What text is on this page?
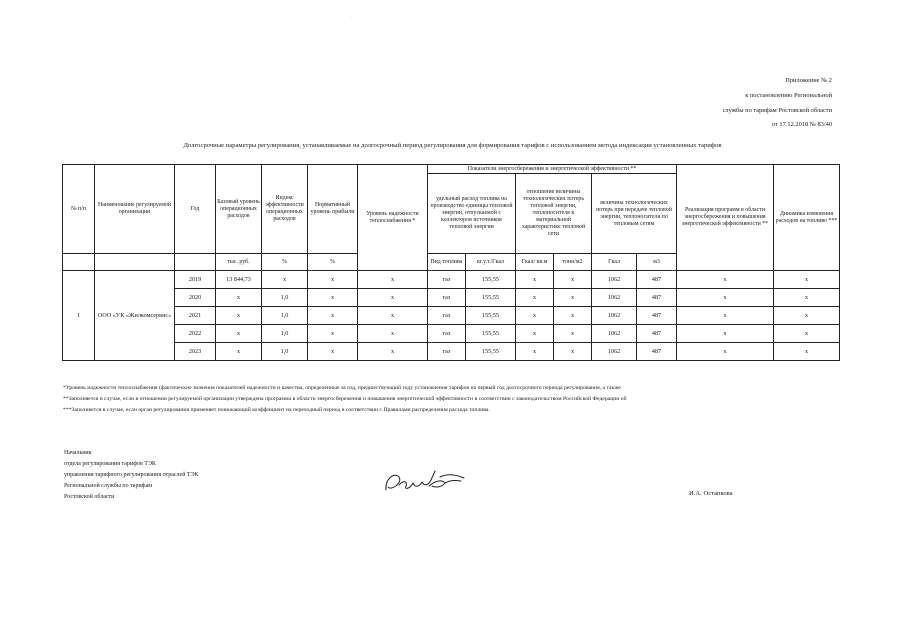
·
Приложение № 2
к постановлению Региональной
службы по тарифам Ростовской области
от 17.12.2018 № 83/40
Долгосрочные параметры регулирования, устанавливаемые на долгосрочный период регулирования для формирования тарифов с использованием метода индексации установленных тарифов
№ п/п	Наименование регулируемой организации	Год	Базовый уровень операционных расходов	Индекс эффективности операционных расходов	Нормативный уровень прибыли	Уровень надежности теплоснабжения *	Показатели энергосбережения и энергетической эффективности **						Реализация программ в области энергосбережения и повышения энергетической эффективности **	Динамика изменения расходов на топливо ***
							удельный расход топлива на производство единицы тепловой энергии, отпускаемой с коллекторов источников тепловой энергии		отношение величины технологических потерь тепловой энергии, теплоносителя к материальной характеристике тепловой сети		величина технологических потерь при передаче тепловой энергии, теплоносителя по тепловым сетям			
			тыс. руб.	%	%		Вид топлива	кг.у.т./Гкал	Гкал/ кв.м	тонн/м2	Гкал	м3		
1	ООО «УК «Жилкомсервис»	2019	13 844,73	х	х	х	газ	155,55	х	х	1062	487	х	х
		2020	х	1,0	х	х	газ	155,55	х	х	1062	487	х	х
		2021	х	1,0	х	х	газ	155,55	х	х	1062	487	х	х
		2022	х	1,0	х	х	газ	155,55	х	х	1062	487	х	х
		2023	х	1,0	х	х	газ	155,55	х	х	1062	487	х	х
*Уровень надежности теплоснабжения (фактические значения показателей надежности и качества, определенные за год, предшествующий году установления тарифов на первый год долгосрочного периода регулирования, а также
**Заполняется в случае, если в отношении регулируемой организации утверждена программа в области энергосбережения и повышения энергетической эффективности в соответствии с законодательством Российской Федерации об
***Заполняется в случае, если орган регулирования применяет понижающий коэффициент на переходный период в соответствии с Правилами распределения расхода топлива.
Начальник
отдела регулирования тарифов ТЭК
управления тарифного регулирования отраслей ТЭК
Региональной службы по тарифам
Ростовской области	И.А. Остапкова
